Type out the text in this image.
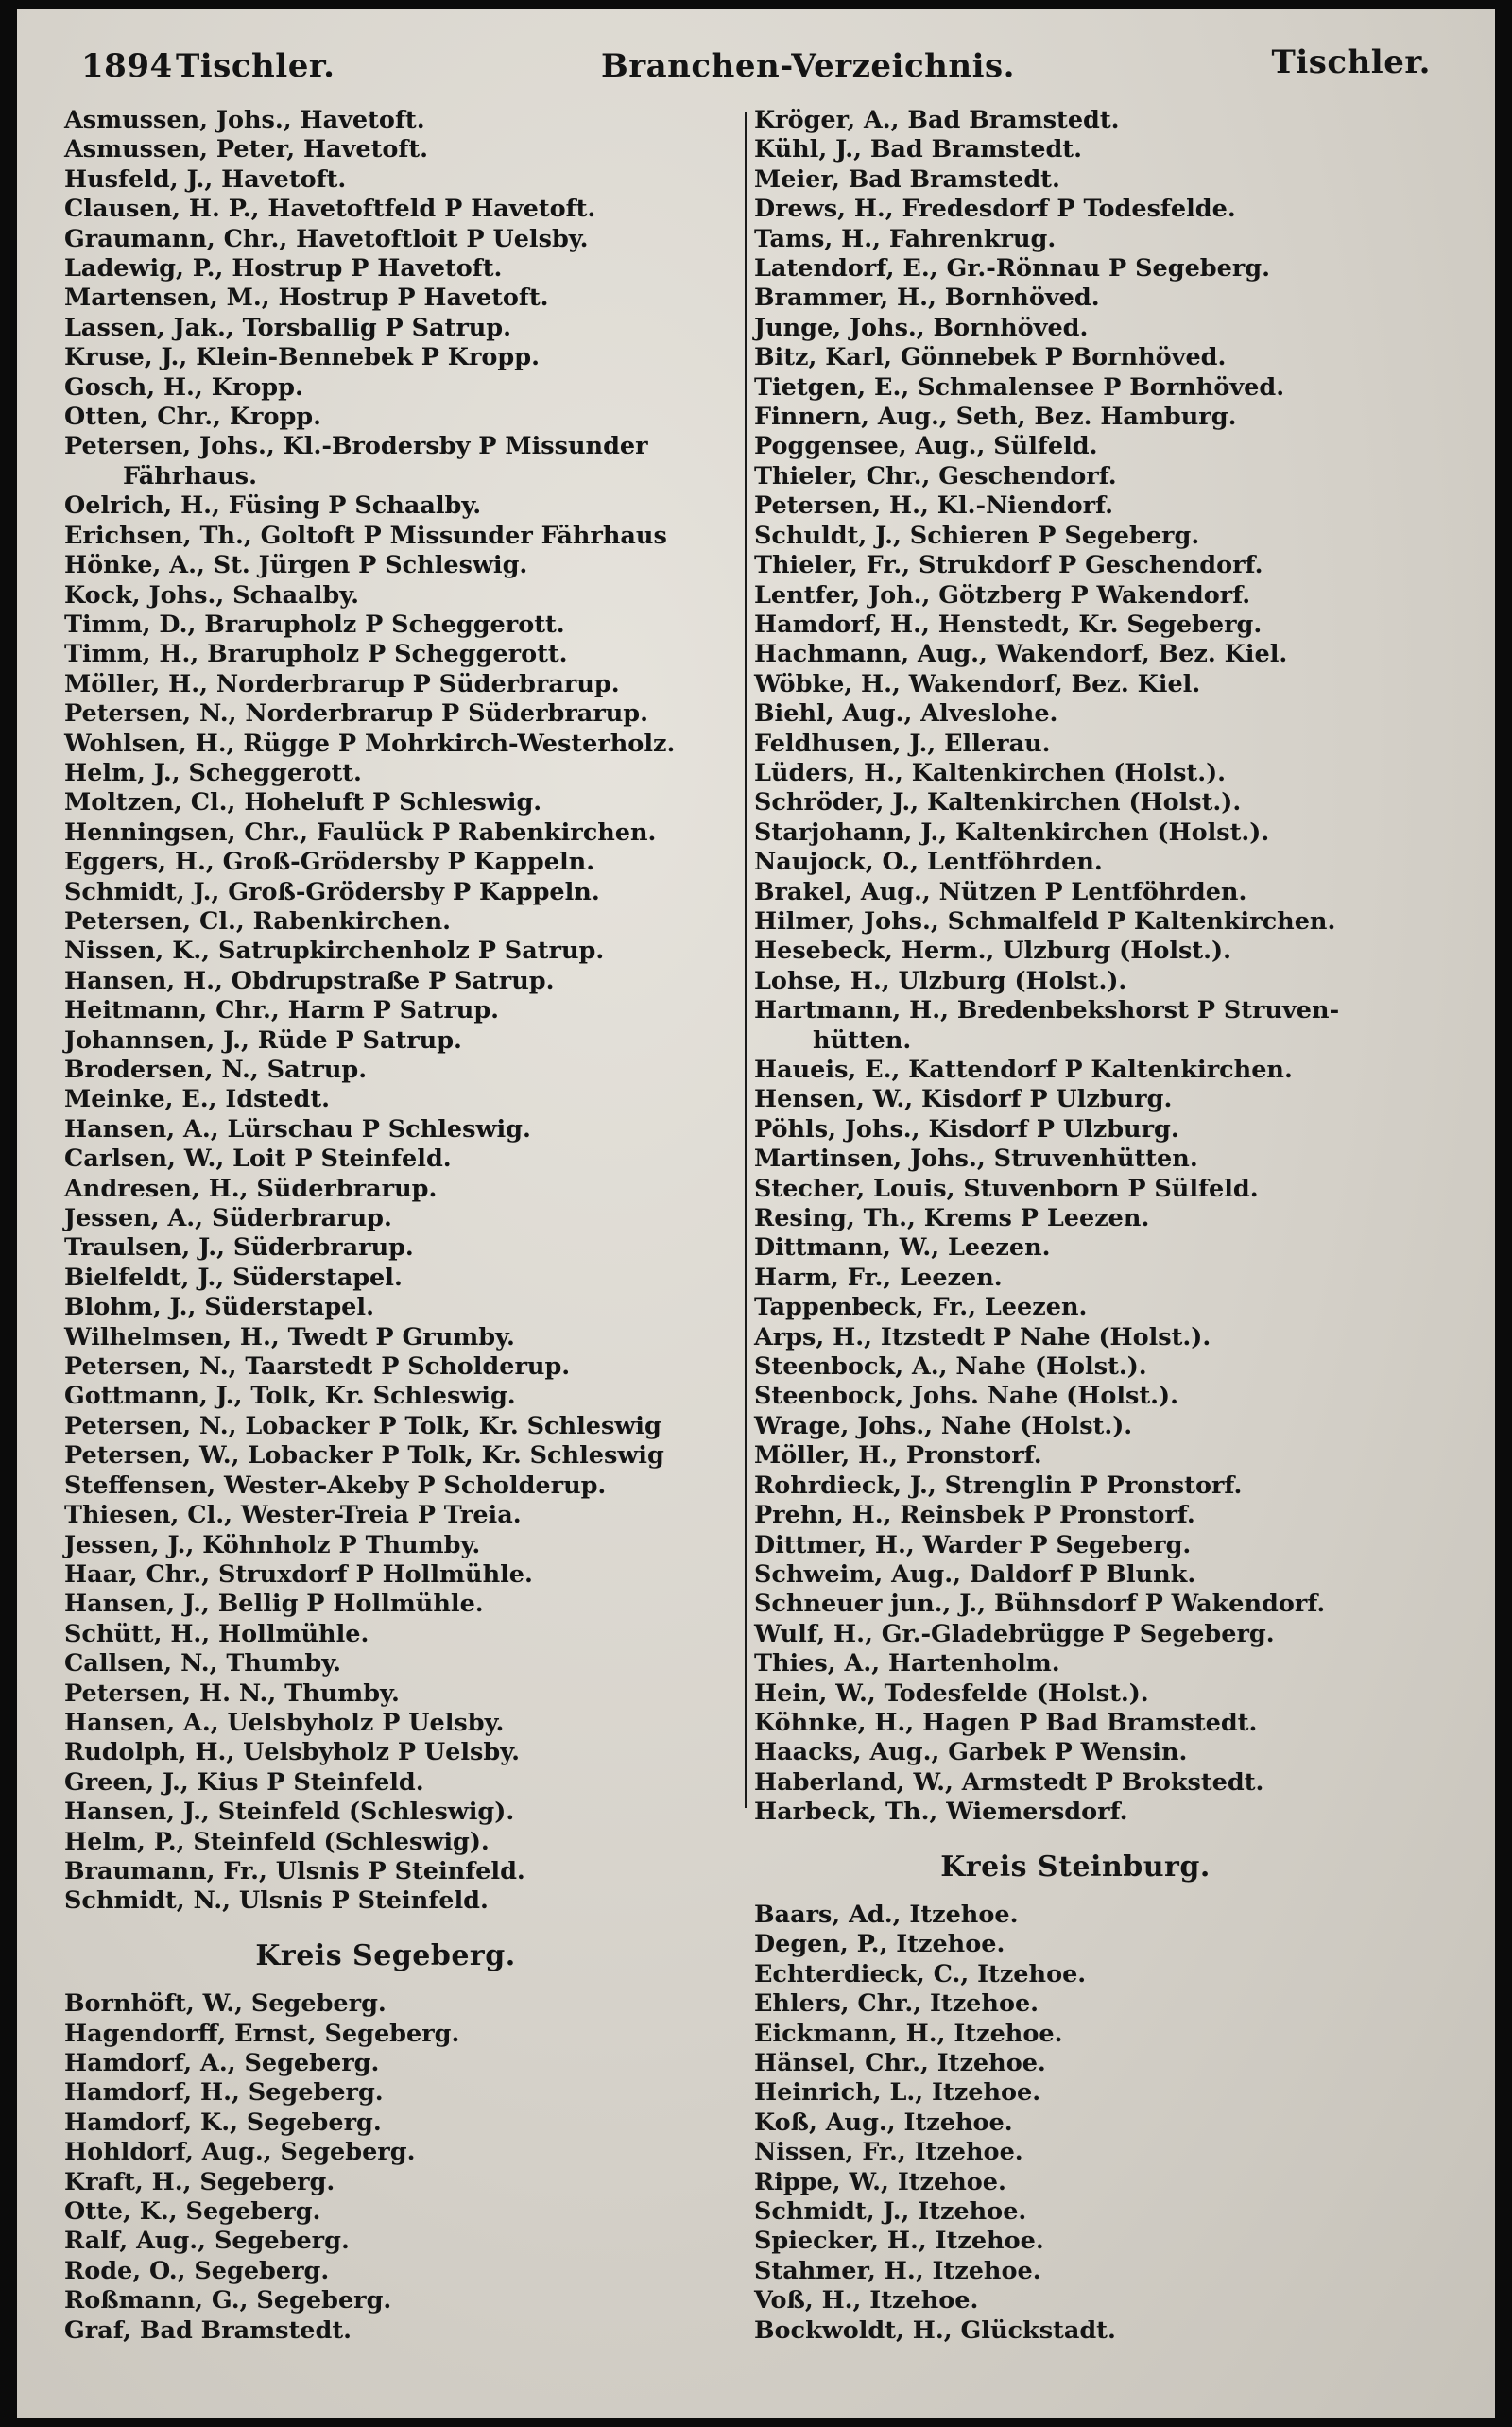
1894 Tischler.	Branchen-Verzeichnis.	Tischler.
Asmussen, Johs., Havetoft.
Asmussen, Peter, Havetoft.
Husfeld, J., Havetoft.
Clausen, H. P., Havetoftfeld P Havetoft.
Graumann, Chr., Havetoftloit P Uelsby.
Ladewig, P., Hostrup P Havetoft.
Martensen, M., Hostrup P Havetoft.
Lassen, Jak., Torsballig P Satrup.
Kruse, J., Klein-Bennebek P Kropp.
Gosch, H., Kropp.
Otten, Chr., Kropp.
Petersen, Johs., Kl.-Brodersby P Missunder
Fährhaus.
Oelrich, H., Füsing P Schaalby.
Erichsen, Th., Goltoft P Missunder Fährhaus
Hönke, A., St. Jürgen P Schleswig.
Kock, Johs., Schaalby.
Timm, D., Brarupholz P Scheggerott.
Timm, H., Brarupholz P Scheggerott.
Möller, H., Norderbrarup P Süderbrarup.
Petersen, N., Norderbrarup P Süderbrarup.
Wohlsen, H., Rügge P Mohrkirch-Westerholz.
Helm, J., Scheggerott.
Moltzen, Cl., Hoheluft P Schleswig.
Henningsen, Chr., Faulück P Rabenkirchen.
Eggers, H., Groß-Grödersby P Kappeln.
Schmidt, J., Groß-Grödersby P Kappeln.
Petersen, Cl., Rabenkirchen.
Nissen, K., Satrupkirchenholz P Satrup.
Hansen, H., Obdrupstraße P Satrup.
Heitmann, Chr., Harm P Satrup.
Johannsen, J., Rüde P Satrup.
Brodersen, N., Satrup.
Meinke, E., Idstedt.
Hansen, A., Lürschau P Schleswig.
Carlsen, W., Loit P Steinfeld.
Andresen, H., Süderbrarup.
Jessen, A., Süderbrarup.
Traulsen, J., Süderbrarup.
Bielfeldt, J., Süderstapel.
Blohm, J., Süderstapel.
Wilhelmsen, H., Twedt P Grumby.
Petersen, N., Taarstedt P Scholderup.
Gottmann, J., Tolk, Kr. Schleswig.
Petersen, N., Lobacker P Tolk, Kr. Schleswig
Petersen, W., Lobacker P Tolk, Kr. Schleswig
Steffensen, Wester-Akeby P Scholderup.
Thiesen, Cl., Wester-Treia P Treia.
Jessen, J., Köhnholz P Thumby.
Haar, Chr., Struxdorf P Hollmühle.
Hansen, J., Bellig P Hollmühle.
Schütt, H., Hollmühle.
Callsen, N., Thumby.
Petersen, H. N., Thumby.
Hansen, A., Uelsbyholz P Uelsby.
Rudolph, H., Uelsbyholz P Uelsby.
Green, J., Kius P Steinfeld.
Hansen, J., Steinfeld (Schleswig).
Helm, P., Steinfeld (Schleswig).
Braumann, Fr., Ulsnis P Steinfeld.
Schmidt, N., Ulsnis P Steinfeld.
Kreis Segeberg.
Bornhöft, W., Segeberg.
Hagendorff, Ernst, Segeberg.
Hamdorf, A., Segeberg.
Hamdorf, H., Segeberg.
Hamdorf, K., Segeberg.
Hohldorf, Aug., Segeberg.
Kraft, H., Segeberg.
Otte, K., Segeberg.
Ralf, Aug., Segeberg.
Rode, O., Segeberg.
Roßmann, G., Segeberg.
Graf, Bad Bramstedt.
Kröger, A., Bad Bramstedt.
Kühl, J., Bad Bramstedt.
Meier, Bad Bramstedt.
Drews, H., Fredesdorf P Todesfelde.
Tams, H., Fahrenkrug.
Latendorf, E., Gr.-Rönnau P Segeberg.
Brammer, H., Bornhöved.
Junge, Johs., Bornhöved.
Bitz, Karl, Gönnebek P Bornhöved.
Tietgen, E., Schmalensee P Bornhöved.
Finnern, Aug., Seth, Bez. Hamburg.
Poggensee, Aug., Sülfeld.
Thieler, Chr., Geschendorf.
Petersen, H., Kl.-Niendorf.
Schuldt, J., Schieren P Segeberg.
Thieler, Fr., Strukdorf P Geschendorf.
Lentfer, Joh., Götzberg P Wakendorf.
Hamdorf, H., Henstedt, Kr. Segeberg.
Hachmann, Aug., Wakendorf, Bez. Kiel.
Wöbke, H., Wakendorf, Bez. Kiel.
Biehl, Aug., Alveslohe.
Feldhusen, J., Ellerau.
Lüders, H., Kaltenkirchen (Holst.).
Schröder, J., Kaltenkirchen (Holst.).
Starjohann, J., Kaltenkirchen (Holst.).
Naujock, O., Lentföhrden.
Brakel, Aug., Nützen P Lentföhrden.
Hilmer, Johs., Schmalfeld P Kaltenkirchen.
Hesebeck, Herm., Ulzburg (Holst.).
Lohse, H., Ulzburg (Holst.).
Hartmann, H., Bredenbekshorst P Struven-
hütten.
Haueis, E., Kattendorf P Kaltenkirchen.
Hensen, W., Kisdorf P Ulzburg.
Pöhls, Johs., Kisdorf P Ulzburg.
Martinsen, Johs., Struvenhütten.
Stecher, Louis, Stuvenborn P Sülfeld.
Resing, Th., Krems P Leezen.
Dittmann, W., Leezen.
Harm, Fr., Leezen.
Tappenbeck, Fr., Leezen.
Arps, H., Itzstedt P Nahe (Holst.).
Steenbock, A., Nahe (Holst.).
Steenbock, Johs. Nahe (Holst.).
Wrage, Johs., Nahe (Holst.).
Möller, H., Pronstorf.
Rohrdieck, J., Strenglin P Pronstorf.
Prehn, H., Reinsbek P Pronstorf.
Dittmer, H., Warder P Segeberg.
Schweim, Aug., Daldorf P Blunk.
Schneuer jun., J., Bühnsdorf P Wakendorf.
Wulf, H., Gr.-Gladebrügge P Segeberg.
Thies, A., Hartenholm.
Hein, W., Todesfelde (Holst.).
Köhnke, H., Hagen P Bad Bramstedt.
Haacks, Aug., Garbek P Wensin.
Haberland, W., Armstedt P Brokstedt.
Harbeck, Th., Wiemersdorf.
Kreis Steinburg.
Baars, Ad., Itzehoe.
Degen, P., Itzehoe.
Echterdieck, C., Itzehoe.
Ehlers, Chr., Itzehoe.
Eickmann, H., Itzehoe.
Hänsel, Chr., Itzehoe.
Heinrich, L., Itzehoe.
Koß, Aug., Itzehoe.
Nissen, Fr., Itzehoe.
Rippe, W., Itzehoe.
Schmidt, J., Itzehoe.
Spiecker, H., Itzehoe.
Stahmer, H., Itzehoe.
Voß, H., Itzehoe.
Bockwoldt, H., Glückstadt.
